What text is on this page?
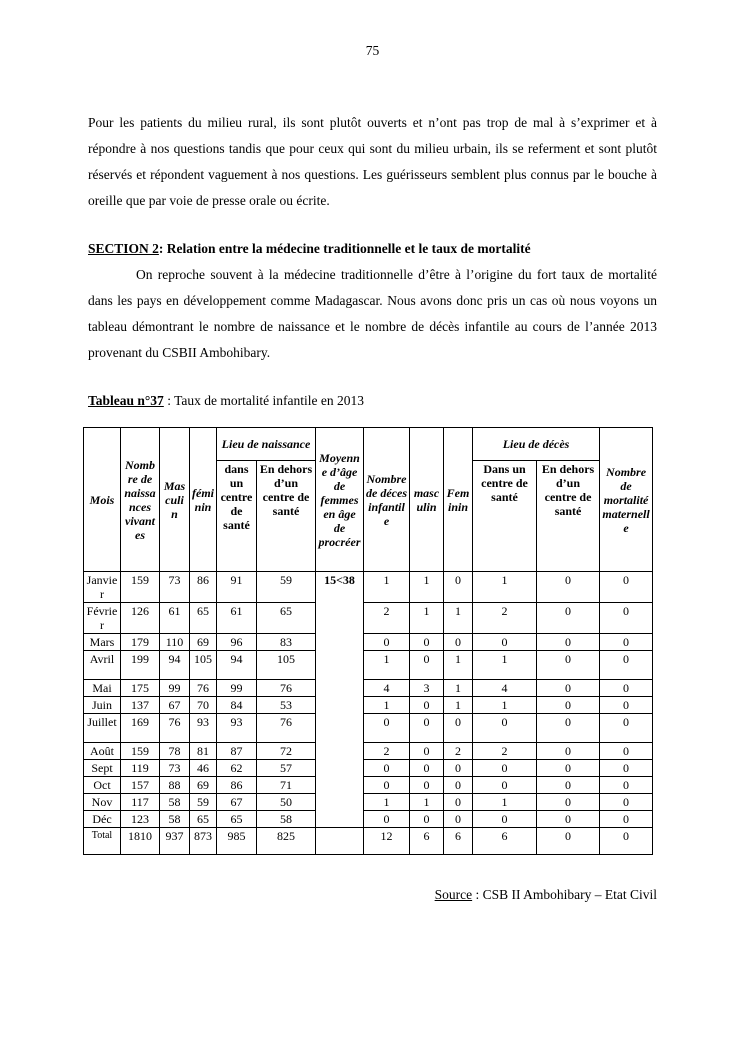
75

Pour les patients du milieu rural, ils sont plutôt ouverts et n’ont pas trop de mal à s’exprimer et à répondre à nos questions tandis que pour ceux qui sont du milieu urbain, ils se referment et sont plutôt réservés et répondent vaguement à nos questions. Les guérisseurs semblent plus connus par le bouche à oreille que par voie de presse orale ou écrite.

SECTION 2: Relation entre la médecine traditionnelle et le taux de mortalité

On reproche souvent à la médecine traditionnelle d’être à l’origine du fort taux de mortalité dans les pays en développement comme Madagascar. Nous avons donc pris un cas où nous voyons un tableau démontrant le nombre de naissance et le nombre de décès infantile au cours de l’année 2013 provenant du CSBII Ambohibary.

Tableau n°37 : Taux de mortalité infantile en 2013

Mois	Nombre de naissances vivantes	Masculin	féminin	Lieu de naissance		Moyenne d’âge de femmes en âge de procréer	Nombre de déces infantile	masculin	Feminin	Lieu de décès		Nombre de mortalité maternelle
				dans un centre de santé	En dehors d’un centre de santé					Dans un centre de santé	En dehors d’un centre de santé	
Janvier	159	73	86	91	59	15<38	1	1	0	1	0	0
Février	126	61	65	61	65		2	1	1	2	0	0
Mars	179	110	69	96	83		0	0	0	0	0	0
Avril	199	94	105	94	105		1	0	1	1	0	0
Mai	175	99	76	99	76		4	3	1	4	0	0
Juin	137	67	70	84	53		1	0	1	1	0	0
Juillet	169	76	93	93	76		0	0	0	0	0	0
Août	159	78	81	87	72		2	0	2	2	0	0
Sept	119	73	46	62	57		0	0	0	0	0	0
Oct	157	88	69	86	71		0	0	0	0	0	0
Nov	117	58	59	67	50		1	1	0	1	0	0
Déc	123	58	65	65	58		0	0	0	0	0	0
Total	1810	937	873	985	825		12	6	6	6	0	0

Source : CSB II Ambohibary – Etat Civil
